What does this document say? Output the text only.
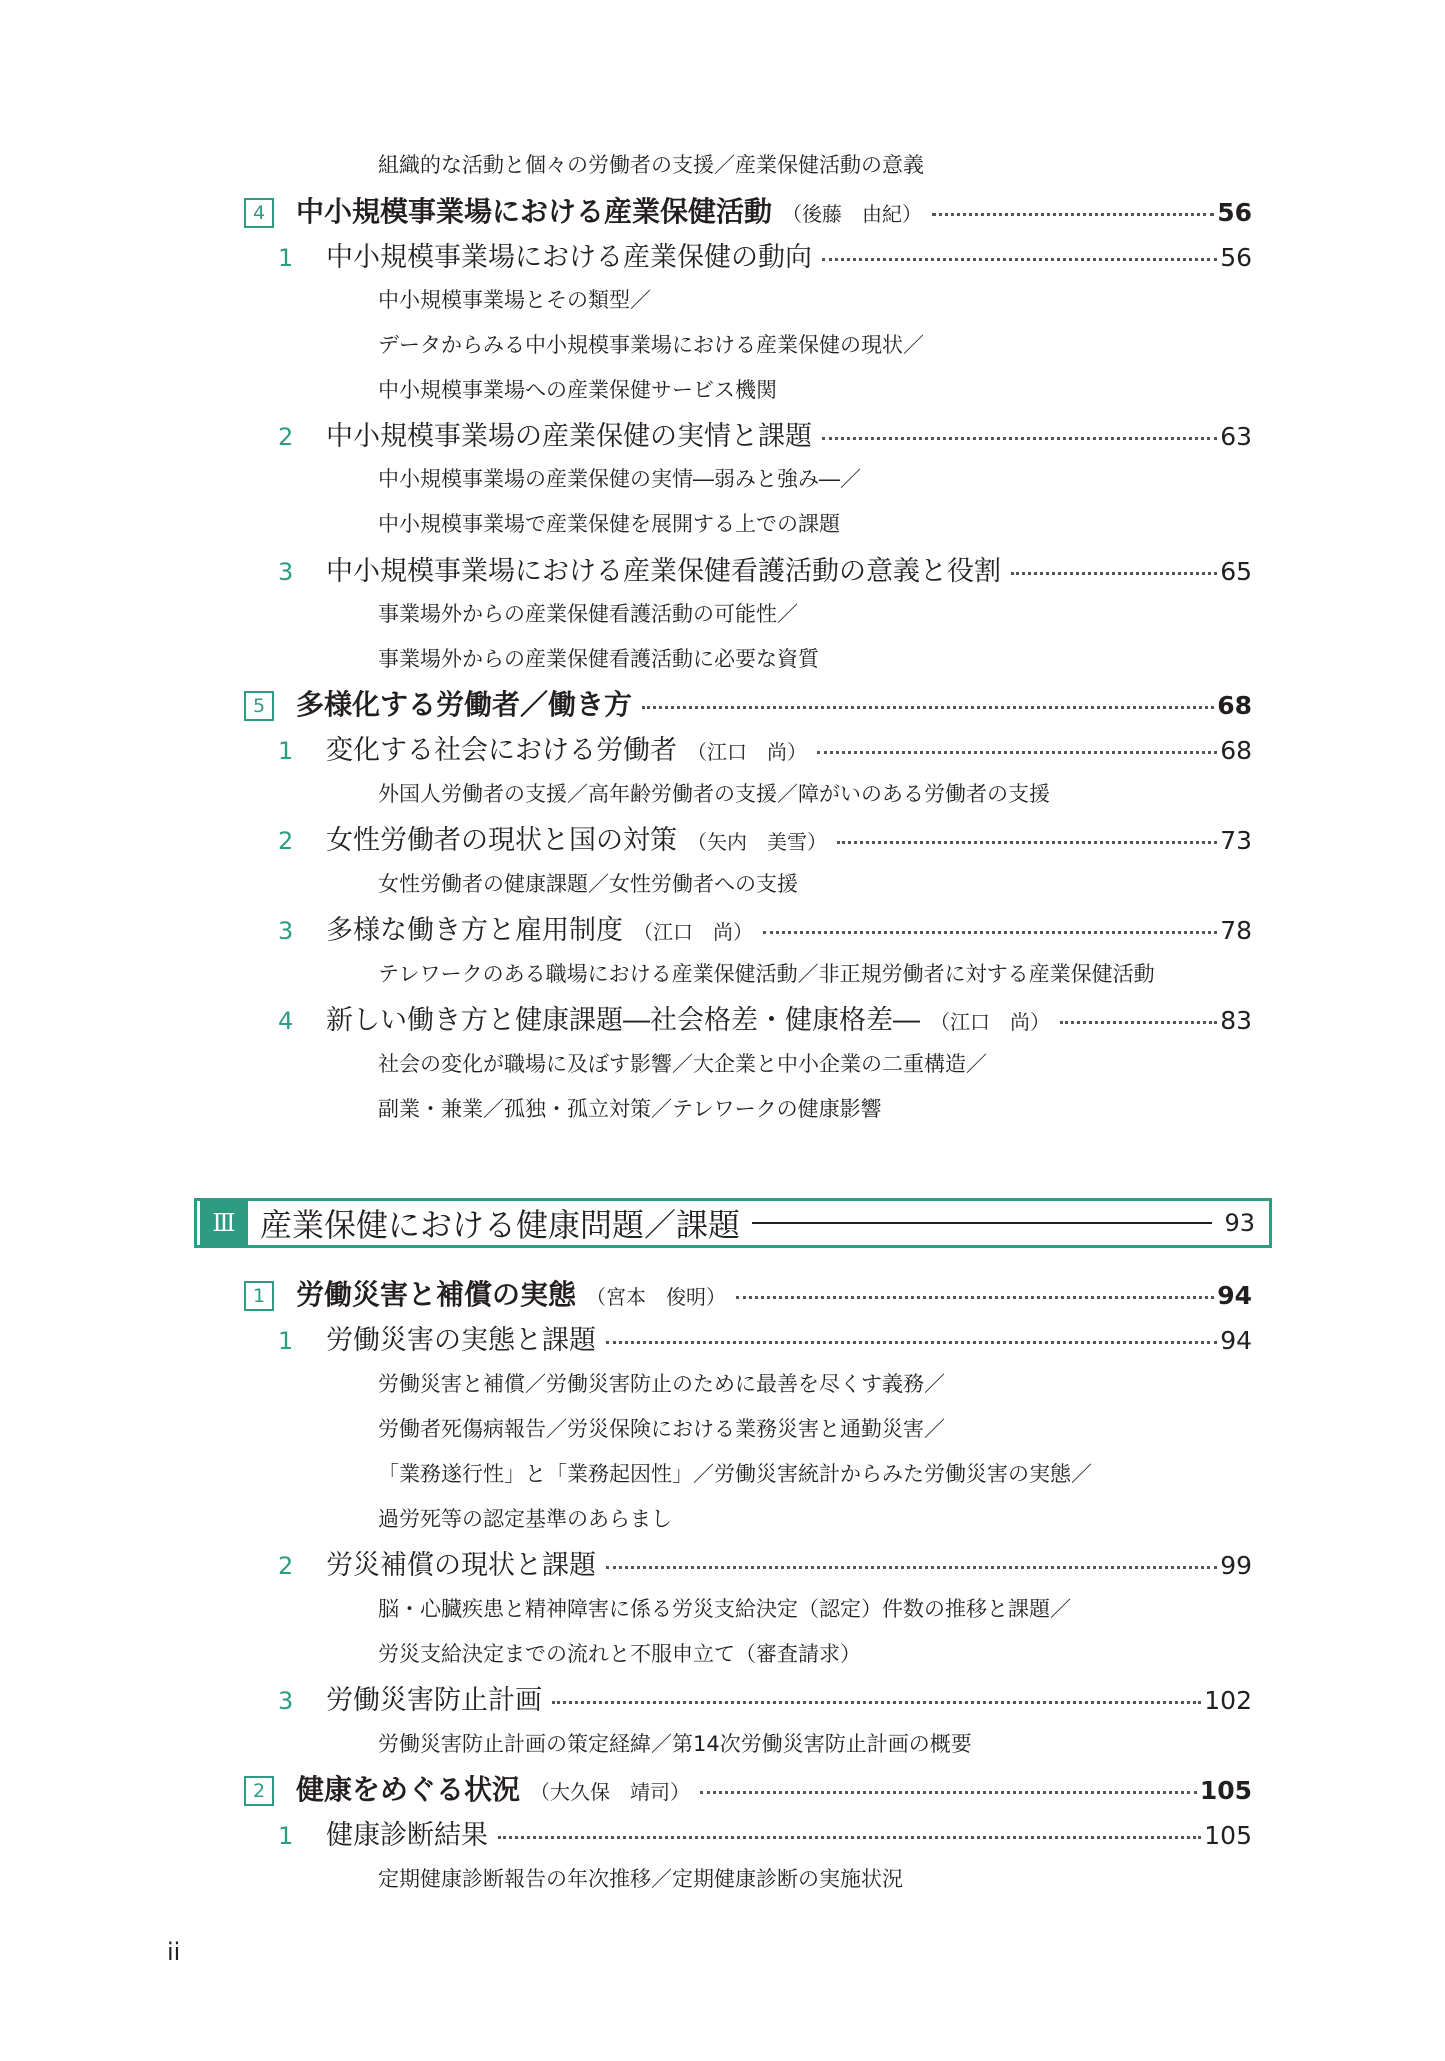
組織的な活動と個々の労働者の支援／産業保健活動の意義
4	中小規模事業場における産業保健活動 （後藤　由紀）	56
1	中小規模事業場における産業保健の動向	56
中小規模事業場とその類型／
データからみる中小規模事業場における産業保健の現状／
中小規模事業場への産業保健サービス機関
2	中小規模事業場の産業保健の実情と課題	63
中小規模事業場の産業保健の実情―弱みと強み―／
中小規模事業場で産業保健を展開する上での課題
3	中小規模事業場における産業保健看護活動の意義と役割	65
事業場外からの産業保健看護活動の可能性／
事業場外からの産業保健看護活動に必要な資質
5	多様化する労働者／働き方	68
1	変化する社会における労働者 （江口　尚）	68
外国人労働者の支援／高年齢労働者の支援／障がいのある労働者の支援
2	女性労働者の現状と国の対策 （矢内　美雪）	73
女性労働者の健康課題／女性労働者への支援
3	多様な働き方と雇用制度 （江口　尚）	78
テレワークのある職場における産業保健活動／非正規労働者に対する産業保健活動
4	新しい働き方と健康課題―社会格差・健康格差― （江口　尚）	83
社会の変化が職場に及ぼす影響／大企業と中小企業の二重構造／
副業・兼業／孤独・孤立対策／テレワークの健康影響
Ⅲ 産業保健における健康問題／課題	93
1	労働災害と補償の実態 （宮本　俊明）	94
1	労働災害の実態と課題	94
労働災害と補償／労働災害防止のために最善を尽くす義務／
労働者死傷病報告／労災保険における業務災害と通勤災害／
「業務遂行性」と「業務起因性」／労働災害統計からみた労働災害の実態／
過労死等の認定基準のあらまし
2	労災補償の現状と課題	99
脳・心臓疾患と精神障害に係る労災支給決定（認定）件数の推移と課題／
労災支給決定までの流れと不服申立て（審査請求）
3	労働災害防止計画	102
労働災害防止計画の策定経緯／第14次労働災害防止計画の概要
2	健康をめぐる状況 （大久保　靖司）	105
1	健康診断結果	105
定期健康診断報告の年次推移／定期健康診断の実施状況
ii
